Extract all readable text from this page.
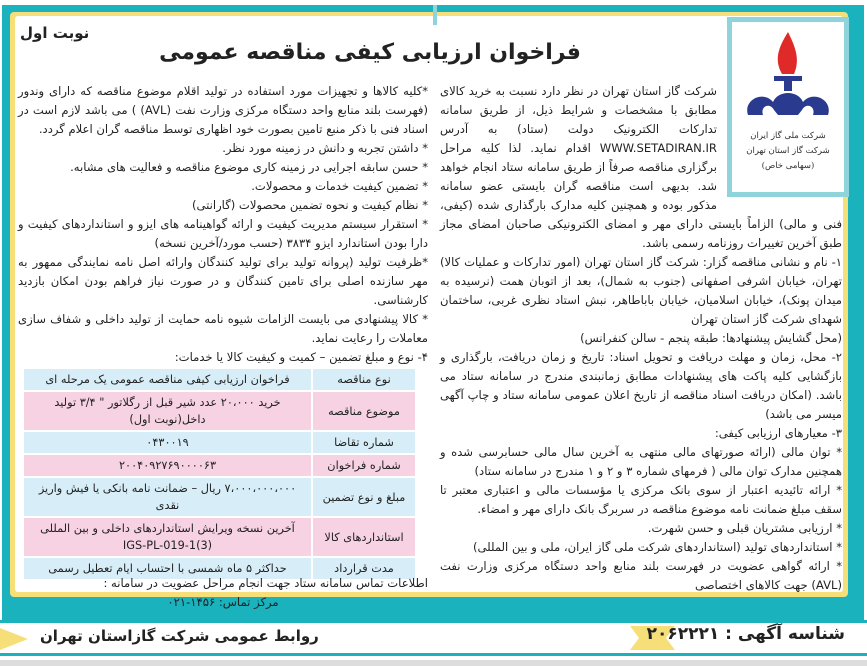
شرکت ملی گاز ایران
شرکت گاز استان تهران
(سهامی خاص)
نوبت اول
فراخوان ارزیابی کیفی مناقصه عمومی

شرکت گاز استان تهران در نظر دارد نسبت به خرید کالای مطابق با مشخصات و شرایط ذیل، از طریق سامانه تدارکات الکترونیک دولت (ستاد) به آدرس WWW.SETADIRAN.IR اقدام نماید. لذا کلیه مراحل برگزاری مناقصه صرفاً از طریق سامانه ستاد انجام خواهد شد. بدیهی است مناقصه گران بایستی عضو سامانه مذکور بوده و همچنین کلیه مدارک بارگذاری شده (کیفی، فنی و مالی) الزاماً بایستی دارای مهر و امضای الکترونیکی صاحبان امضای مجاز طبق آخرین تغییرات روزنامه رسمی باشد.

۱- نام و نشانی مناقصه گزار: شرکت گاز استان تهران (امور تدارکات و عملیات کالا) تهران، خیابان اشرفی اصفهانی (جنوب به شمال)، بعد از اتوبان همت (نرسیده به میدان پونک)، خیابان اسلامیان، خیابان باباطاهر، نبش استاد نظری غربی، ساختمان شهدای شرکت گاز استان تهران

(محل گشایش پیشنهادها: طبقه پنجم - سالن کنفرانس)

۲- محل، زمان و مهلت دریافت و تحویل اسناد: تاریخ و زمان دریافت، بارگذاری و بازگشایی کلیه پاکت های پیشنهادات مطابق زمانبندی مندرج در سامانه ستاد می باشد. (امکان دریافت اسناد مناقصه از تاریخ اعلان عمومی سامانه ستاد و چاپ آگهی میسر می باشد)

۳- معیارهای ارزیابی کیفی:

* توان مالی (ارائه صورتهای مالی منتهی به آخرین سال مالی حسابرسی شده و همچنین مدارک توان مالی ( فرمهای شماره ۳ و ۲ و ۱ مندرج در سامانه ستاد)

* ارائه تائیدیه اعتبار از سوی بانک مرکزی یا مؤسسات مالی و اعتباری معتبر تا سقف مبلغ ضمانت نامه موضوع مناقصه در سربرگ بانک دارای مهر و امضاء.

* ارزیابی مشتریان قبلی و حسن شهرت.

* استانداردهای تولید (استانداردهای شرکت ملی گاز ایران، ملی و بین المللی)

* ارائه گواهی عضویت در فهرست بلند منابع واحد دستگاه مرکزی وزارت نفت (AVL) جهت کالاهای اختصاصی

*کلیه کالاها و تجهیزات مورد استفاده در تولید اقلام موضوع مناقصه که دارای وندور (فهرست بلند منابع واحد دستگاه مرکزی وزارت نفت (AVL) ) می باشد لازم است در اسناد فنی با ذکر منبع تامین بصورت خود اظهاری توسط مناقصه گران اعلام گردد.

* داشتن تجربه و دانش در زمینه مورد نظر.

* حسن سابقه اجرایی در زمینه کاری موضوع مناقصه و فعالیت های مشابه.

* تضمین کیفیت خدمات و محصولات.

* نظام کیفیت و نحوه تضمین محصولات (گارانتی)

* استقرار سیستم مدیریت کیفیت و ارائه گواهینامه های ایزو و استانداردهای کیفیت و دارا بودن استاندارد ایزو ۳۸۳۴ (حسب مورد/آخرین نسخه)

*ظرفیت تولید (پروانه تولید برای تولید کنندگان وارائه اصل نامه نمایندگی ممهور به مهر سازنده اصلی برای تامین کنندگان و در صورت نیاز فراهم بودن امکان بازدید کارشناسی.

* کالا پیشنهادی می بایست الزامات شیوه نامه حمایت از تولید داخلی و شفاف سازی معاملات را رعایت نماید.

۴- نوع و مبلغ تضمین – کمیت و کیفیت کالا یا خدمات:

نوع مناقصه	فراخوان ارزیابی کیفی مناقصه عمومی یک مرحله ای
موضوع مناقصه	خرید ۲۰،۰۰۰ عدد شیر قبل از رگلاتور " ۳/۴ تولید داخل(نوبت اول)
شماره تقاضا	۰۴۳۰۰۱۹
شماره فراخوان	۲۰۰۴۰۹۲۷۶۹۰۰۰۰۶۳
مبلغ و نوع تضمین	۷،۰۰۰،۰۰۰،۰۰۰ ریال – ضمانت نامه بانکی یا فیش واریز نقدی
استانداردهای کالا	آخرین نسخه ویرایش استانداردهای داخلی و بین المللی IGS-PL-019-1(3)
مدت قرارداد	حداکثر ۵ ماه شمسی با احتساب ایام تعطیل رسمی
اطلاعات تماس سامانه ستاد جهت انجام مراحل عضویت در سامانه :
مرکز تماس: ۱۴۵۶-۰۲۱
شناسه آگهی : ۲۰۶۲۲۲۱
روابط عمومی شرکت گازاستان تهران
